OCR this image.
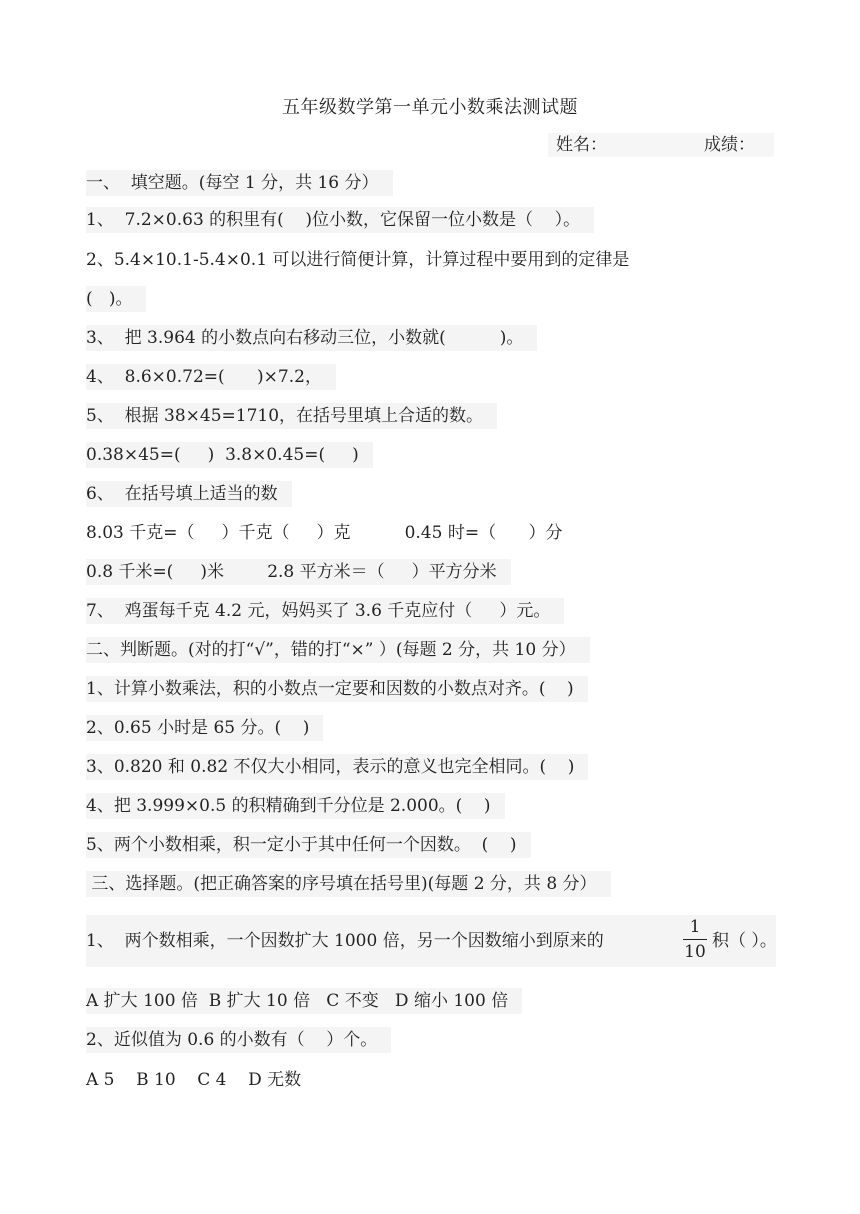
五年级数学第一单元小数乘法测试题
姓名：	成绩：
一、  填空题。(每空 1 分，共 16 分）
1、  7.2×0.63 的积里有(    )位小数，它保留一位小数是（    ）。
2、5.4×10.1-5.4×0.1 可以进行简便计算，计算过程中要用到的定律是
(   )。
3、  把 3.964 的小数点向右移动三位，小数就(          )。
4、  8.6×0.72=(      )×7.2，
5、  根据 38×45=1710，在括号里填上合适的数。
0.38×45=(     )  3.8×0.45=(     )
6、  在括号填上适当的数
8.03 千克=（     ）千克（     ）克          0.45 时=（      ）分
0.8 千米=(     )米        2.8 平方米＝（     ）平方分米
7、  鸡蛋每千克 4.2 元，妈妈买了 3.6 千克应付（     ）元。
二、判断题。(对的打“√”，错的打“×” ）(每题 2 分，共 10 分）
1、计算小数乘法，积的小数点一定要和因数的小数点对齐。(    )
2、0.65 小时是 65 分。(    )
3、0.820 和 0.82 不仅大小相同，表示的意义也完全相同。(    )
4、把 3.999×0.5 的积精确到千分位是 2.000。(    )
5、两个小数相乘，积一定小于其中任何一个因数。  (    )
三、选择题。(把正确答案的序号填在括号里)(每题 2 分，共 8 分）
1、  两个数相乘，一个因数扩大 1000 倍，另一个因数缩小到原来的
1
10
积（ ）。
A 扩大 100 倍  B 扩大 10 倍   C 不变   D 缩小 100 倍
2、近似值为 0.6 的小数有（    ）个。
A 5    B 10    C 4    D 无数
